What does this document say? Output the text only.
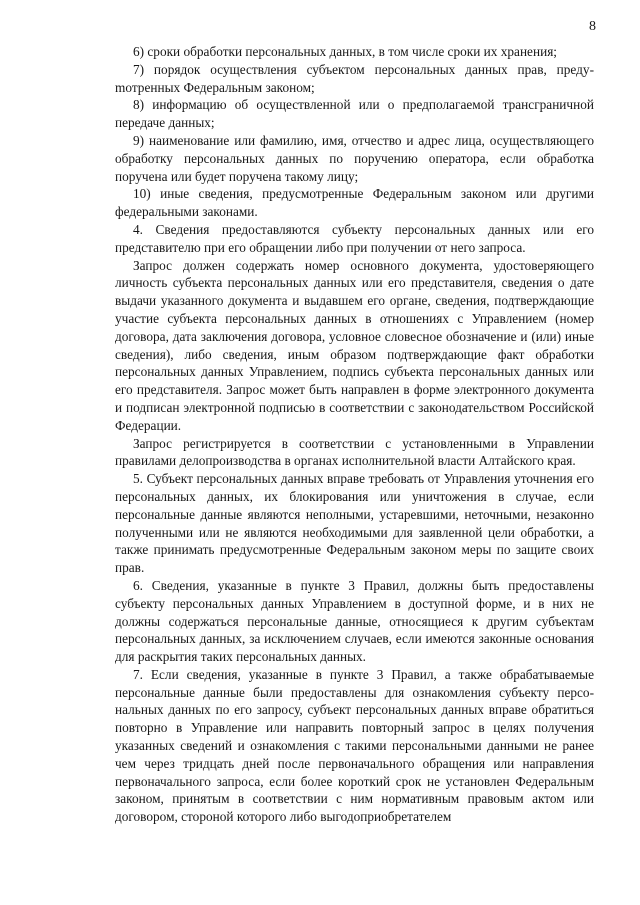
8

6) сроки обработки персональных данных, в том числе сроки их хранения;

7) порядок осуществления субъектом персональных данных прав, предуmотренных Федеральным законом;

8) информацию об осуществленной или о предполагаемой трансграничной передаче данных;

9) наименование или фамилию, имя, отчество и адрес лица, осуществляющего обработку персональных данных по поручению оператора, если обработка поручена или будет поручена такому лицу;

10) иные сведения, предусмотренные Федеральным законом или другими федеральными законами.

4. Сведения предоставляются субъекту персональных данных или его представителю при его обращении либо при получении от него запроса.

Запрос должен содержать номер основного документа, удостоверяющего личность субъекта персональных данных или его представителя, сведения о дате выдачи указанного документа и выдавшем его органе, сведения, подтверждающие участие субъекта персональных данных в отношениях с Управлением (номер договора, дата заключения договора, условное словесное обозначение и (или) иные сведения), либо сведения, иным образом подтверждающие факт обработки персональных данных Управлением, подпись субъекта персональных данных или его представителя. Запрос может быть направлен в форме электронного документа и подписан электронной подписью в соответствии с законодательством Российской Федерации.

Запрос регистрируется в соответствии с установленными в Управлении правилами делопроизводства в органах исполнительной власти Алтайского края.

5. Субъект персональных данных вправе требовать от Управления уточнения его персональных данных, их блокирования или уничтожения в случае, если персональные данные являются неполными, устаревшими, неточными, незаконно полученными или не являются необходимыми для заявленной цели обработки, а также принимать предусмотренные Федеральным законом меры по защите своих прав.

6. Сведения, указанные в пункте 3 Правил, должны быть предоставлены субъекту персональных данных Управлением в доступной форме, и в них не должны содержаться персональные данные, относящиеся к другим субъектам персональных данных, за исключением случаев, если имеются законные основания для раскрытия таких персональных данных.

7. Если сведения, указанные в пункте 3 Правил, а также обрабатываемые персональные данные были предоставлены для ознакомления субъекту персональных данных по его запросу, субъект персональных данных вправе обратиться повторно в Управление или направить повторный запрос в целях получения указанных сведений и ознакомления с такими персональными данными не ранее чем через тридцать дней после первоначального обращения или направления первоначального запроса, если более короткий срок не установлен Федеральным законом, принятым в соответствии с ним нормативным правовым актом или договором, стороной которого либо выгодоприобретателем
